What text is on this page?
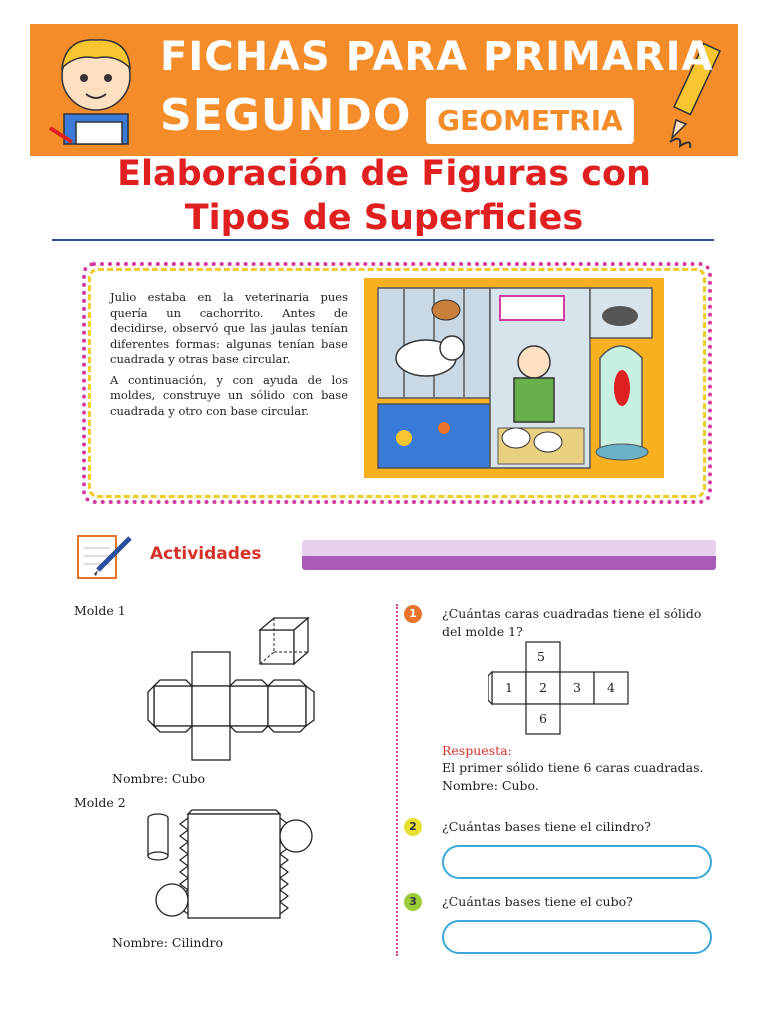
FICHAS PARA PRIMARIA
SEGUNDO GEOMETRIA
Elaboración de Figuras con
Tipos de Superficies

Julio estaba en la veterinaria pues quería un cachorrito. Antes de decidirse, observó que las jaulas tenían diferentes formas: algunas tenían base cuadrada y otras base circular.

A continuación, y con ayuda de los moldes, construye un sólido con base cuadrada y otro con base circular.

Actividades
Molde 1
Nombre: Cubo
Molde 2
Nombre: Cilindro
1	¿Cuántas caras cuadradas tiene el sólido del molde 1?
5
1 2 3 4
6
Respuesta:
El primer sólido tiene 6 caras cuadradas.
Nombre: Cubo.
2	¿Cuántas bases tiene el cilindro?
3	¿Cuántas bases tiene el cubo?
